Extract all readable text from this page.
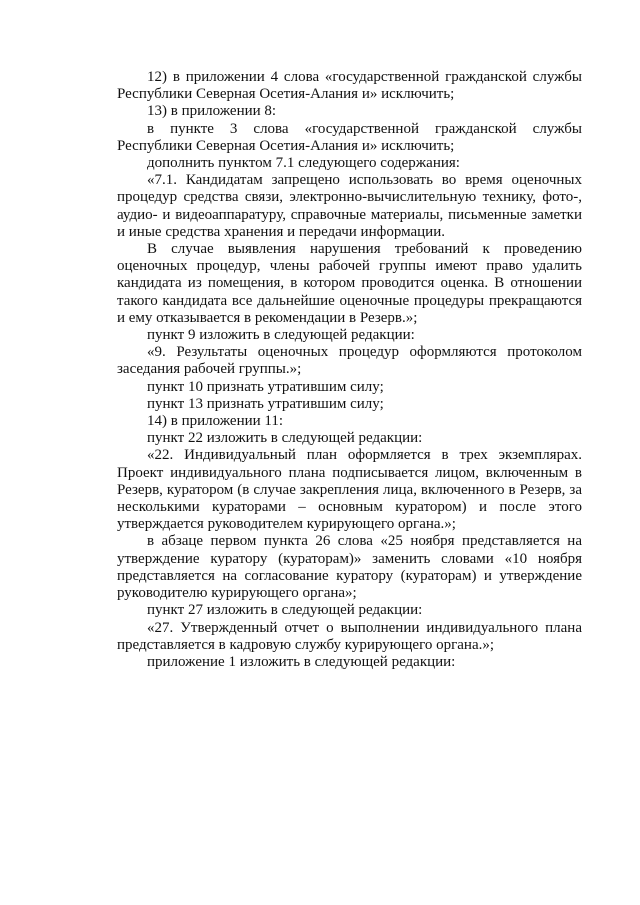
12) в приложении 4 слова «государственной гражданской службы Республики Северная Осетия-Алания и» исключить;

13) в приложении 8:

в пункте 3 слова «государственной гражданской службы Республики Северная Осетия-Алания и» исключить;

дополнить пунктом 7.1 следующего содержания:

«7.1. Кандидатам запрещено использовать во время оценочных процедур средства связи, электронно-вычислительную технику, фото-, аудио- и видеоаппаратуру, справочные материалы, письменные заметки и иные средства хранения и передачи информации.

В случае выявления нарушения требований к проведению оценочных процедур, члены рабочей группы имеют право удалить кандидата из помещения, в котором проводится оценка. В отношении такого кандидата все дальнейшие оценочные процедуры прекращаются и ему отказывается в рекомендации в Резерв.»;

пункт 9 изложить в следующей редакции:

«9. Результаты оценочных процедур оформляются протоколом заседания рабочей группы.»;

пункт 10 признать утратившим силу;

пункт 13 признать утратившим силу;

14) в приложении 11:

пункт 22 изложить в следующей редакции:

«22. Индивидуальный план оформляется в трех экземплярах. Проект индивидуального плана подписывается лицом, включенным в Резерв, куратором (в случае закрепления лица, включенного в Резерв, за несколькими кураторами – основным куратором) и после этого утверждается руководителем курирующего органа.»;

в абзаце первом пункта 26 слова «25 ноября представляется на утверждение куратору (кураторам)» заменить словами «10 ноября представляется на согласование куратору (кураторам) и утверждение руководителю курирующего органа»;

пункт 27 изложить в следующей редакции:

«27. Утвержденный отчет о выполнении индивидуального плана представляется в кадровую службу курирующего органа.»;

приложение 1 изложить в следующей редакции:
